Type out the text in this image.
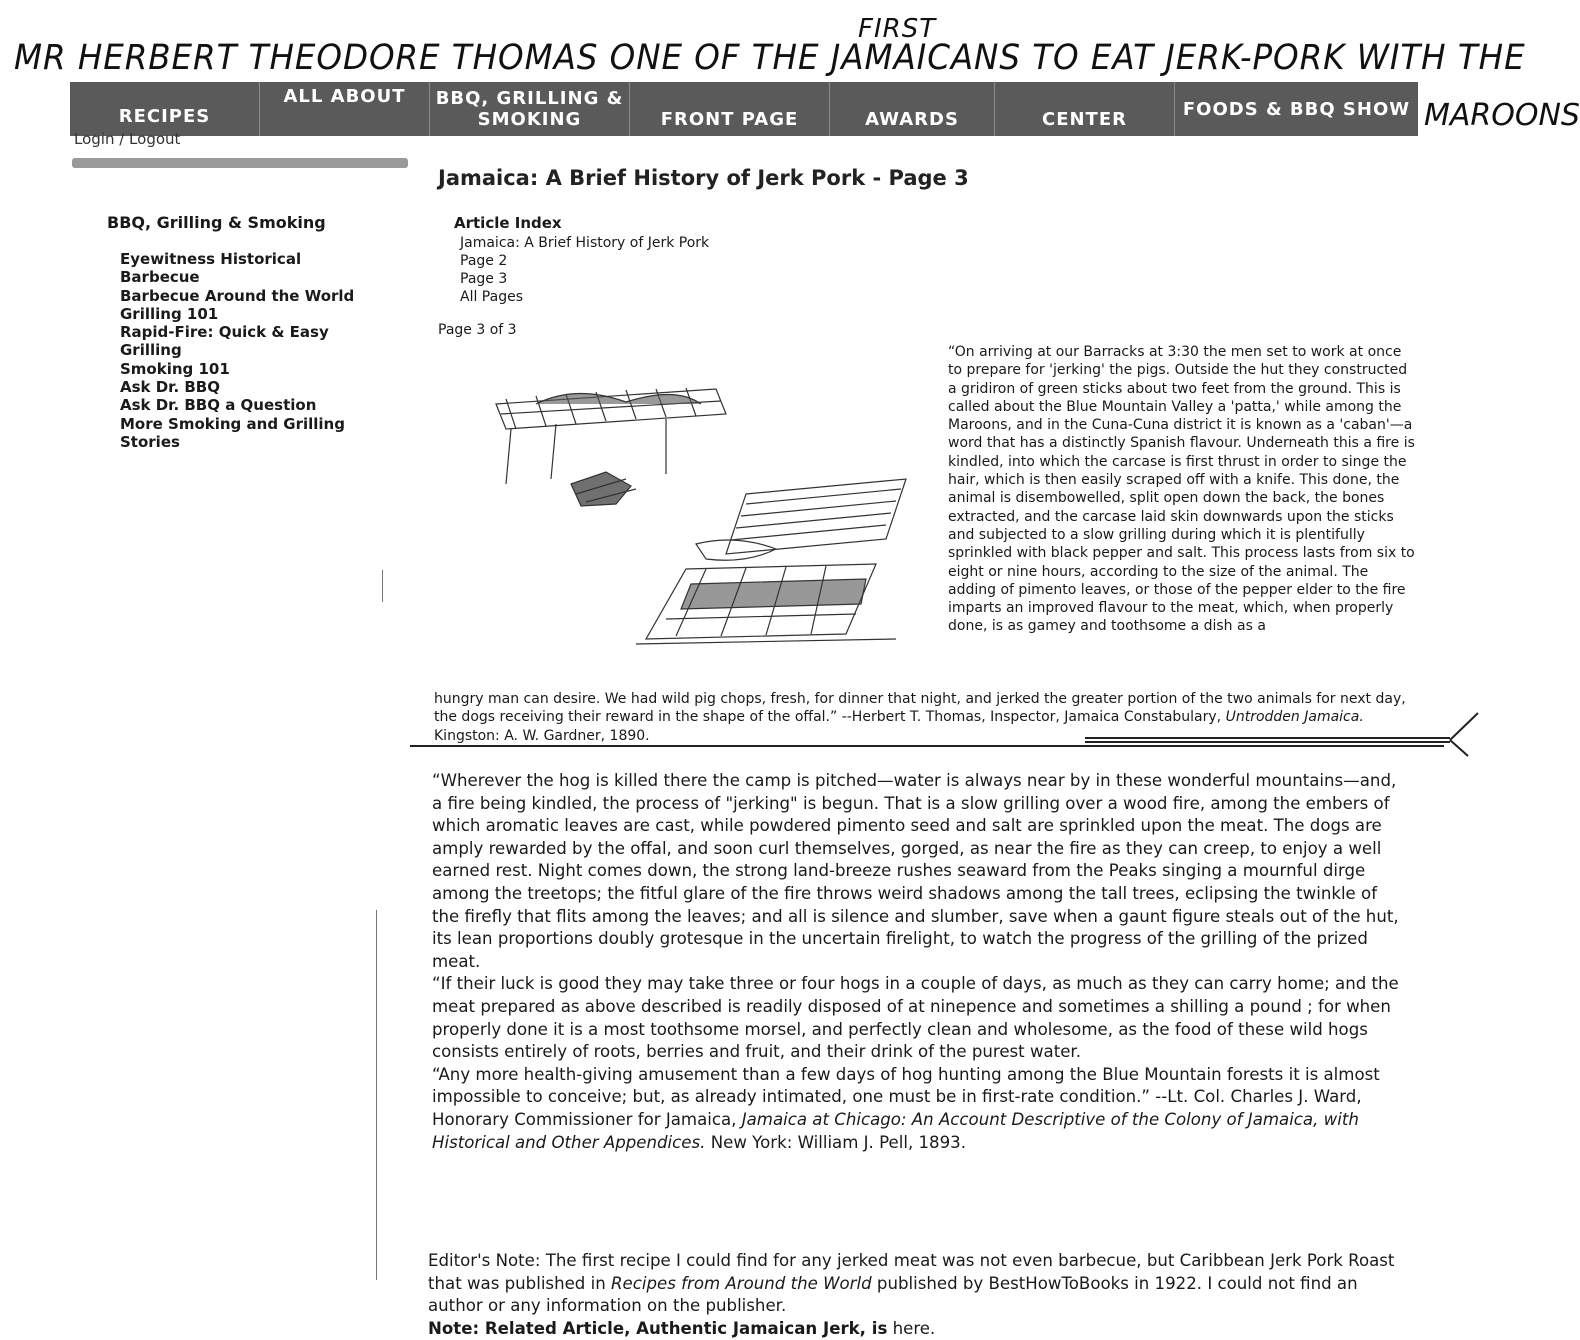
FIRST
MR HERBERT THEODORE THOMAS ONE OF THE JAMAICANS TO EAT JERK-PORK WITH THE
MAROONS
RECIPES
ALL ABOUT	BBQ, GRILLING & SMOKING	FRONT PAGE	AWARDS	CENTER	FOODS & BBQ SHOW
Login / Logout
Jamaica: A Brief History of Jerk Pork - Page 3
BBQ, Grilling & Smoking
Eyewitness Historical Barbecue
Barbecue Around the World
Grilling 101
Rapid-Fire: Quick & Easy Grilling
Smoking 101
Ask Dr. BBQ
Ask Dr. BBQ a Question
More Smoking and Grilling Stories
Article Index
Jamaica: A Brief History of Jerk Pork
Page 2
Page 3
All Pages
Page 3 of 3
“On arriving at our Barracks at 3:30 the men set to work at once to prepare for 'jerking' the pigs. Outside the hut they constructed a gridiron of green sticks about two feet from the ground. This is called about the Blue Mountain Valley a 'patta,' while among the Maroons, and in the Cuna-Cuna district it is known as a 'caban'—a word that has a distinctly Spanish flavour. Underneath this a fire is kindled, into which the carcase is first thrust in order to singe the hair, which is then easily scraped off with a knife. This done, the animal is disembowelled, split open down the back, the bones extracted, and the carcase laid skin downwards upon the sticks and subjected to a slow grilling during which it is plentifully sprinkled with black pepper and salt. This process lasts from six to eight or nine hours, according to the size of the animal. The adding of pimento leaves, or those of the pepper elder to the fire imparts an improved flavour to the meat, which, when properly done, is as gamey and toothsome a dish as a
hungry man can desire. We had wild pig chops, fresh, for dinner that night, and jerked the greater portion of the two animals for next day, the dogs receiving their reward in the shape of the offal.” --Herbert T. Thomas, Inspector, Jamaica Constabulary, Untrodden Jamaica. Kingston: A. W. Gardner, 1890.

“Wherever the hog is killed there the camp is pitched—water is always near by in these wonderful mountains—and, a fire being kindled, the process of "jerking" is begun. That is a slow grilling over a wood fire, among the embers of which aromatic leaves are cast, while powdered pimento seed and salt are sprinkled upon the meat. The dogs are amply rewarded by the offal, and soon curl themselves, gorged, as near the fire as they can creep, to enjoy a well earned rest. Night comes down, the strong land-breeze rushes seaward from the Peaks singing a mournful dirge among the treetops; the fitful glare of the fire throws weird shadows among the tall trees, eclipsing the twinkle of the firefly that flits among the leaves; and all is silence and slumber, save when a gaunt figure steals out of the hut, its lean proportions doubly grotesque in the uncertain firelight, to watch the progress of the grilling of the prized meat.

“If their luck is good they may take three or four hogs in a couple of days, as much as they can carry home; and the meat prepared as above described is readily disposed of at ninepence and sometimes a shilling a pound ; for when properly done it is a most toothsome morsel, and perfectly clean and wholesome, as the food of these wild hogs consists entirely of roots, berries and fruit, and their drink of the purest water.

“Any more health-giving amusement than a few days of hog hunting among the Blue Mountain forests it is almost impossible to conceive; but, as already intimated, one must be in first-rate condition.” --Lt. Col. Charles J. Ward, Honorary Commissioner for Jamaica, Jamaica at Chicago: An Account Descriptive of the Colony of Jamaica, with Historical and Other Appendices. New York: William J. Pell, 1893.

Editor's Note: The first recipe I could find for any jerked meat was not even barbecue, but Caribbean Jerk Pork Roast that was published in Recipes from Around the World published by BestHowToBooks in 1922. I could not find an author or any information on the publisher.
Note: Related Article, Authentic Jamaican Jerk, is here.
